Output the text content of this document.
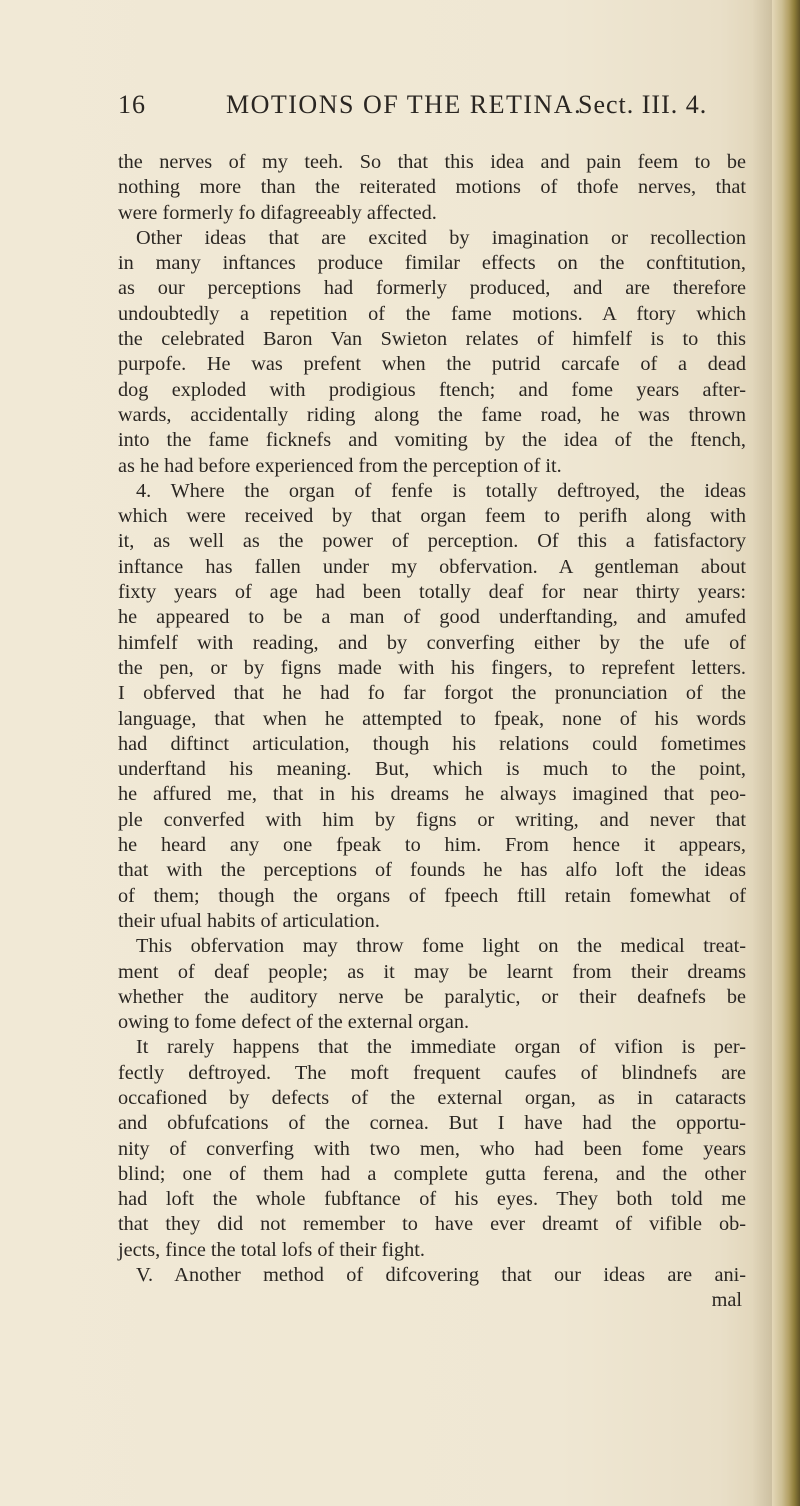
16	MOTIONS OF THE RETINA.
Sect. III. 4.
the nerves of my teeh. So that this idea and pain feem to be
nothing more than the reiterated motions of thofe nerves, that
were formerly fo difagreeably affected.
Other ideas that are excited by imagination or recollection
in many inftances produce fimilar effects on the conftitution,
as our perceptions had formerly produced, and are therefore
undoubtedly a repetition of the fame motions. A ftory which
the celebrated Baron Van Swieton relates of himfelf is to this
purpofe. He was prefent when the putrid carcafe of a dead
dog exploded with prodigious ftench; and fome years after-
wards, accidentally riding along the fame road, he was thrown
into the fame ficknefs and vomiting by the idea of the ftench,
as he had before experienced from the perception of it.
4. Where the organ of fenfe is totally deftroyed, the ideas
which were received by that organ feem to perifh along with
it, as well as the power of perception. Of this a fatisfactory
inftance has fallen under my obfervation. A gentleman about
fixty years of age had been totally deaf for near thirty years:
he appeared to be a man of good underftanding, and amufed
himfelf with reading, and by converfing either by the ufe of
the pen, or by figns made with his fingers, to reprefent letters.
I obferved that he had fo far forgot the pronunciation of the
language, that when he attempted to fpeak, none of his words
had diftinct articulation, though his relations could fometimes
underftand his meaning. But, which is much to the point,
he affured me, that in his dreams he always imagined that peo-
ple converfed with him by figns or writing, and never that
he heard any one fpeak to him. From hence it appears,
that with the perceptions of founds he has alfo loft the ideas
of them; though the organs of fpeech ftill retain fomewhat of
their ufual habits of articulation.
This obfervation may throw fome light on the medical treat-
ment of deaf people; as it may be learnt from their dreams
whether the auditory nerve be paralytic, or their deafnefs be
owing to fome defect of the external organ.
It rarely happens that the immediate organ of vifion is per-
fectly deftroyed. The moft frequent caufes of blindnefs are
occafioned by defects of the external organ, as in cataracts
and obfufcations of the cornea. But I have had the opportu-
nity of converfing with two men, who had been fome years
blind; one of them had a complete gutta ferena, and the other
had loft the whole fubftance of his eyes. They both told me
that they did not remember to have ever dreamt of vifible ob-
jects, fince the total lofs of their fight.
V. Another method of difcovering that our ideas are ani-
mal
